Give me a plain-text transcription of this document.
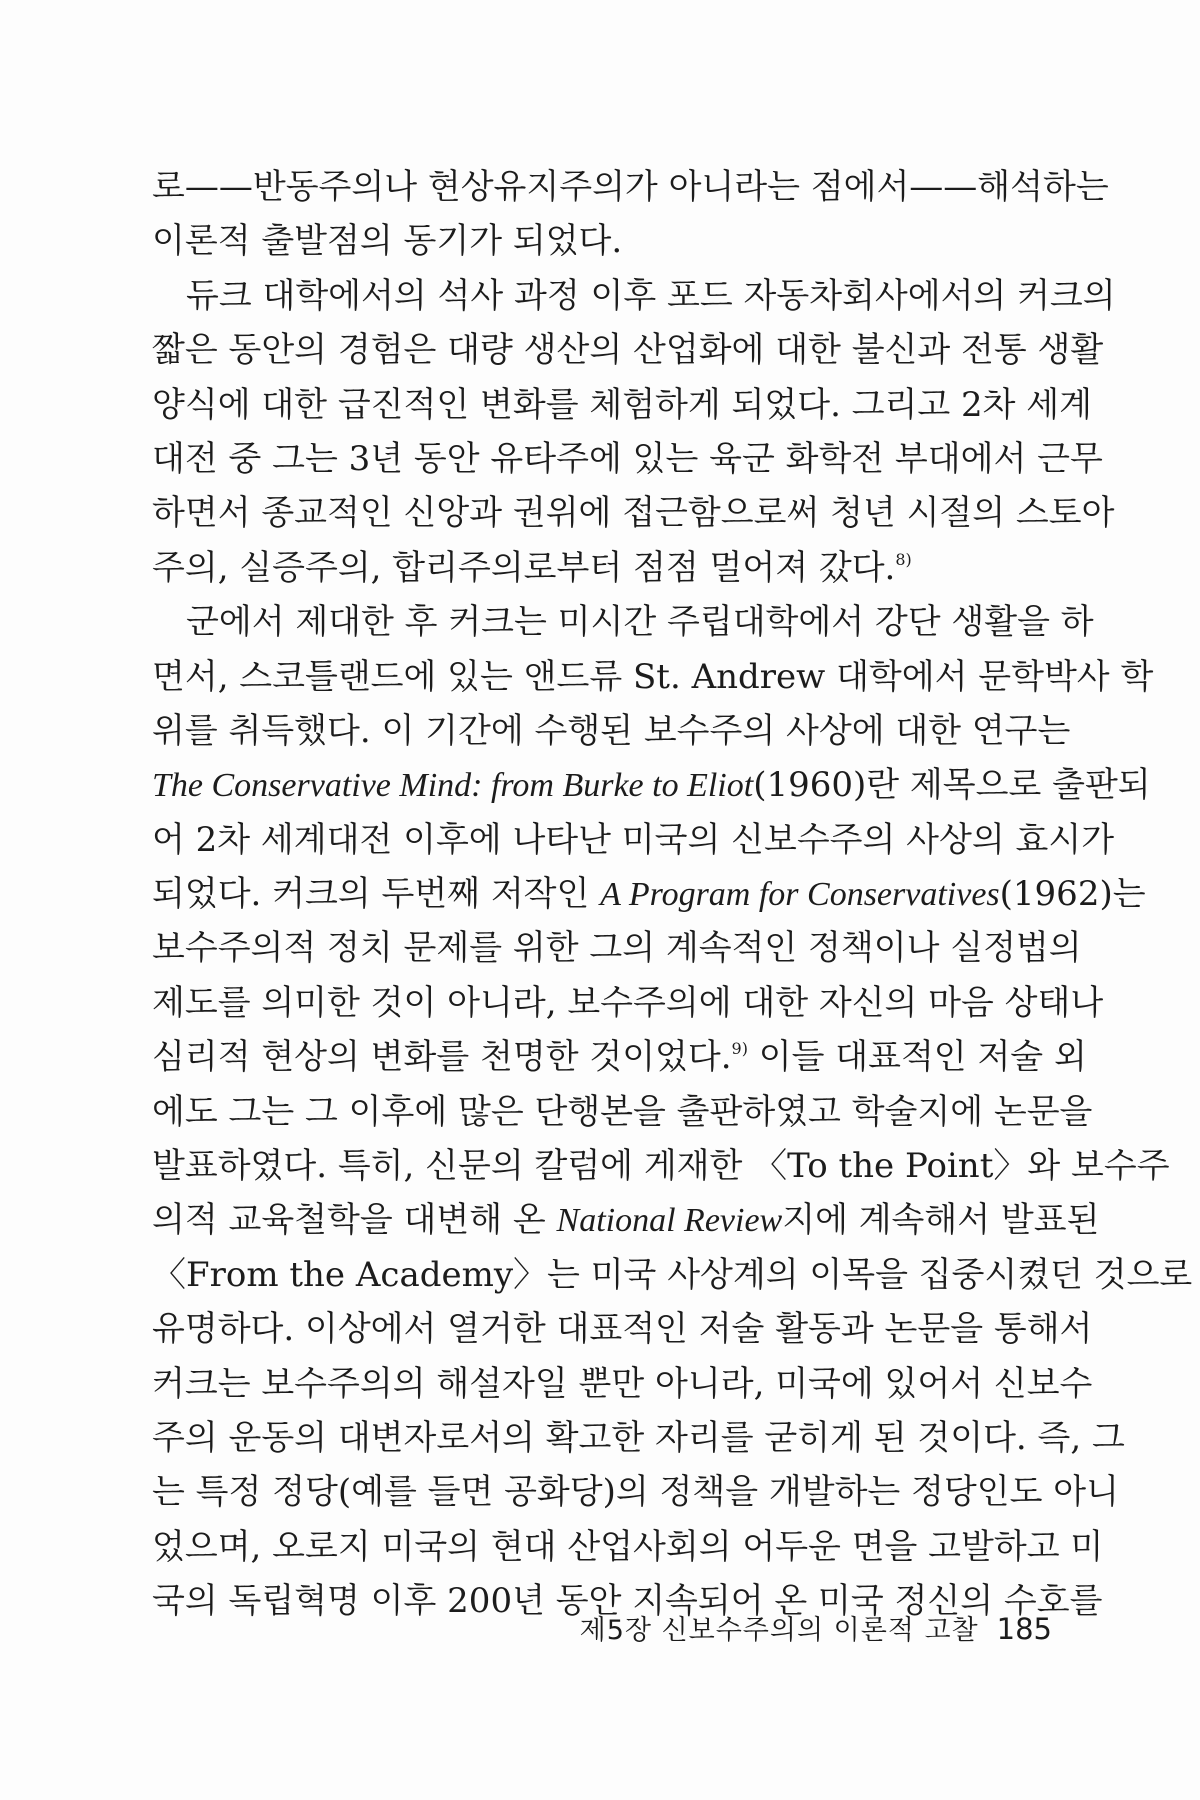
로——반동주의나 현상유지주의가 아니라는 점에서——해석하는
이론적 출발점의 동기가 되었다.
듀크 대학에서의 석사 과정 이후 포드 자동차회사에서의 커크의
짧은 동안의 경험은 대량 생산의 산업화에 대한 불신과 전통 생활
양식에 대한 급진적인 변화를 체험하게 되었다. 그리고 2차 세계
대전 중 그는 3년 동안 유타주에 있는 육군 화학전 부대에서 근무
하면서 종교적인 신앙과 권위에 접근함으로써 청년 시절의 스토아
주의, 실증주의, 합리주의로부터 점점 멀어져 갔다.$^{8)}$
군에서 제대한 후 커크는 미시간 주립대학에서 강단 생활을 하
면서, 스코틀랜드에 있는 앤드류 St. Andrew 대학에서 문학박사 학
위를 취득했다. 이 기간에 수행된 보수주의 사상에 대한 연구는
The Conservative Mind: from Burke to Eliot(1960)란 제목으로 출판되
어 2차 세계대전 이후에 나타난 미국의 신보수주의 사상의 효시가
되었다. 커크의 두번째 저작인 A Program for Conservatives(1962)는
보수주의적 정치 문제를 위한 그의 계속적인 정책이나 실정법의
제도를 의미한 것이 아니라, 보수주의에 대한 자신의 마음 상태나
심리적 현상의 변화를 천명한 것이었다.$^{9)}$ 이들 대표적인 저술 외
에도 그는 그 이후에 많은 단행본을 출판하였고 학술지에 논문을
발표하였다. 특히, 신문의 칼럼에 게재한 〈To the Point〉와 보수주
의적 교육철학을 대변해 온 National Review지에 계속해서 발표된
〈From the Academy〉는 미국 사상계의 이목을 집중시켰던 것으로
유명하다. 이상에서 열거한 대표적인 저술 활동과 논문을 통해서
커크는 보수주의의 해설자일 뿐만 아니라, 미국에 있어서 신보수
주의 운동의 대변자로서의 확고한 자리를 굳히게 된 것이다. 즉, 그
는 특정 정당(예를 들면 공화당)의 정책을 개발하는 정당인도 아니
었으며, 오로지 미국의 현대 산업사회의 어두운 면을 고발하고 미
국의 독립혁명 이후 200년 동안 지속되어 온 미국 정신의 수호를
제5장 신보수주의의 이론적 고찰 185
